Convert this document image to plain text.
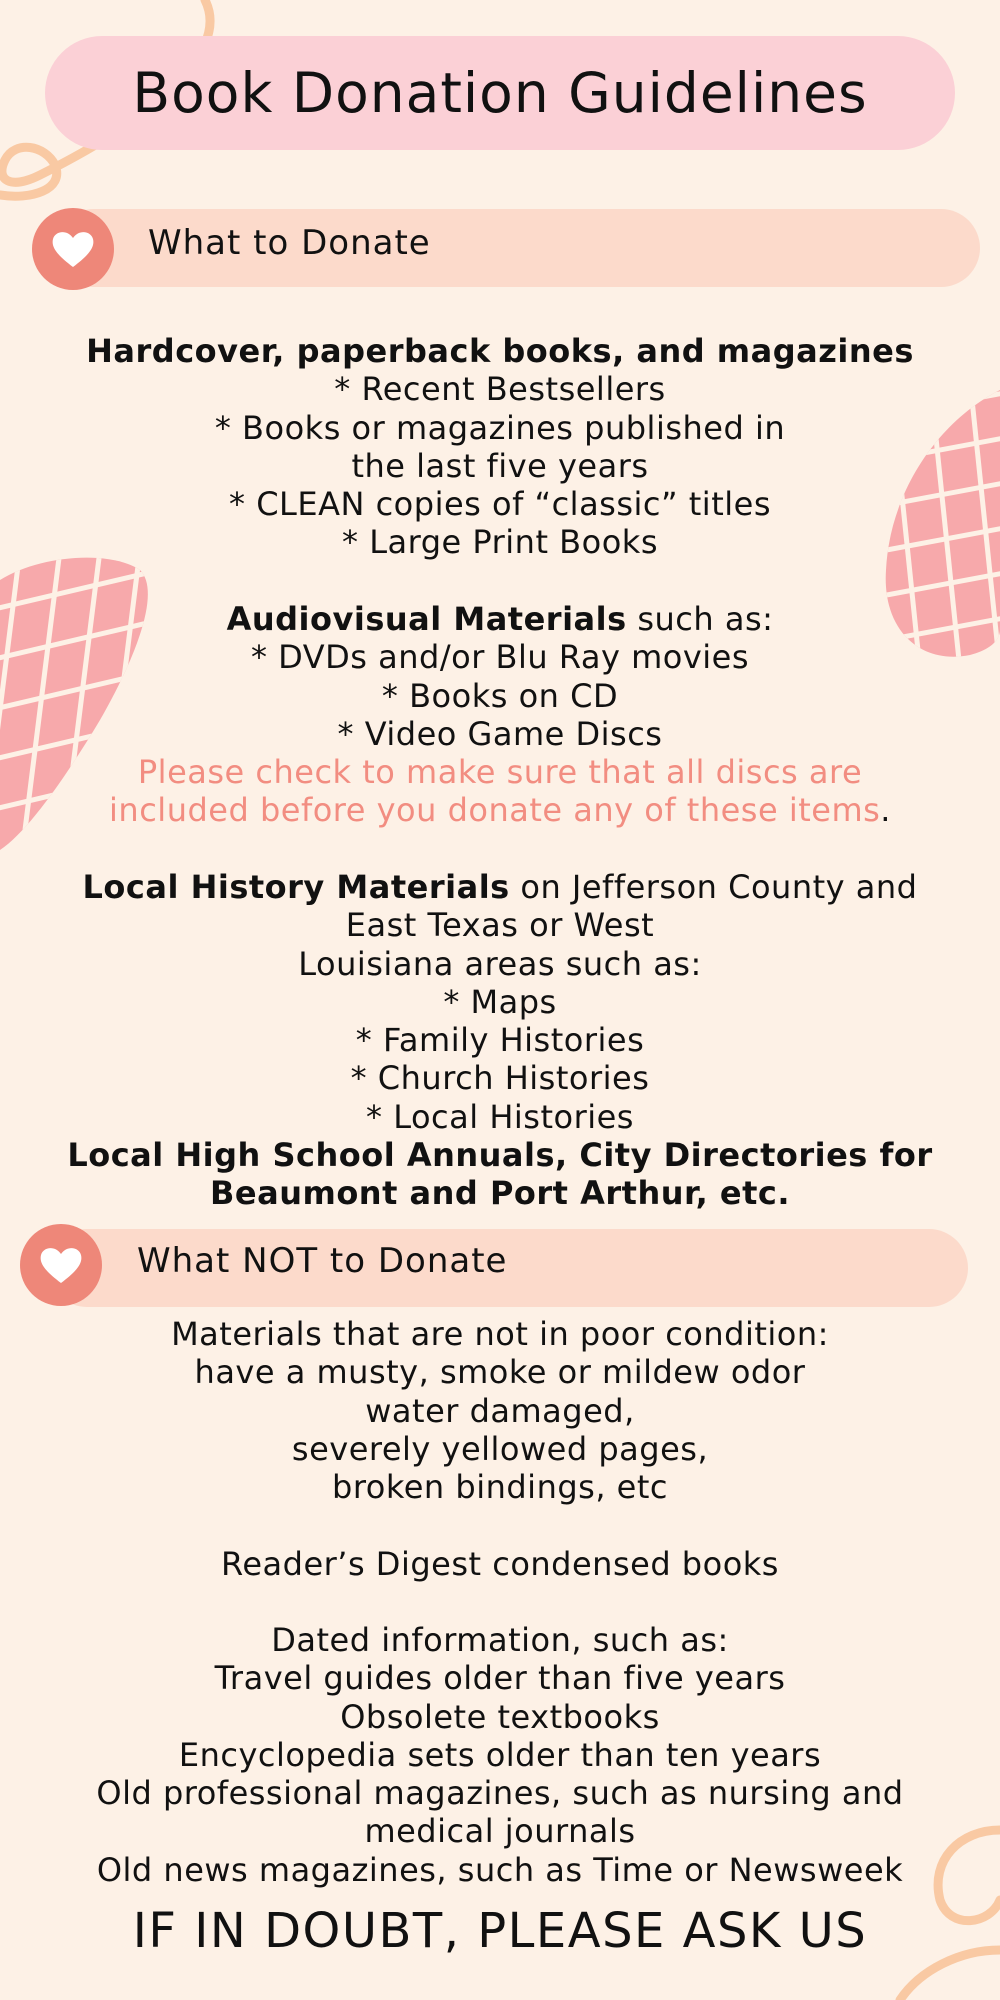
Book Donation Guidelines
What to Donate
Hardcover, paperback books, and magazines
* Recent Bestsellers
* Books or magazines published in
the last five years
* CLEAN copies of “classic” titles
* Large Print Books
Audiovisual Materials such as:
* DVDs and/or Blu Ray movies
* Books on CD
* Video Game Discs
Please check to make sure that all discs are
included before you donate any of these items.
Local History Materials on Jefferson County and
East Texas or West
Louisiana areas such as:
* Maps
* Family Histories
* Church Histories
* Local Histories
Local High School Annuals, City Directories for
Beaumont and Port Arthur, etc.
What NOT to Donate
Materials that are not in poor condition:
have a musty, smoke or mildew odor
water damaged,
severely yellowed pages,
broken bindings, etc
Reader’s Digest condensed books
Dated information, such as:
Travel guides older than five years
Obsolete textbooks
Encyclopedia sets older than ten years
Old professional magazines, such as nursing and
medical journals
Old news magazines, such as Time or Newsweek
IF IN DOUBT, PLEASE ASK US
